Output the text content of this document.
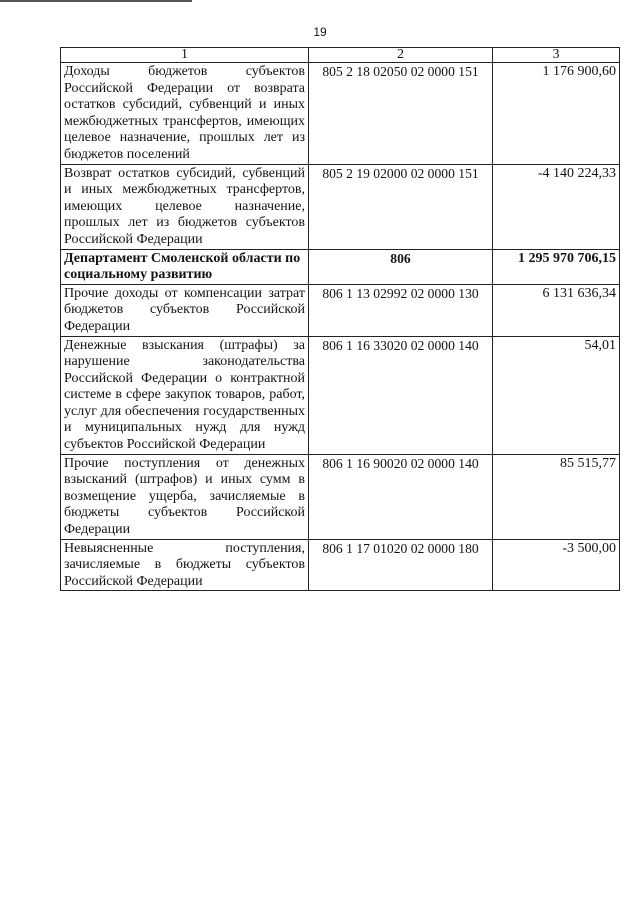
19
1	2	3
Доходы бюджетов субъектов Российской Федерации от возврата остатков субсидий, субвенций и иных межбюджетных трансфертов, имеющих целевое назначение, прошлых лет из бюджетов поселений	805 2 18 02050 02 0000 151	1 176 900,60
Возврат остатков субсидий, субвенций и иных межбюджетных трансфертов, имеющих целевое назначение, прошлых лет из бюджетов субъектов Российской Федерации	805 2 19 02000 02 0000 151	-4 140 224,33
Департамент Смоленской области по социальному развитию	806	1 295 970 706,15
Прочие доходы от компенсации затрат бюджетов субъектов Российской Федерации	806 1 13 02992 02 0000 130	6 131 636,34
Денежные взыскания (штрафы) за нарушение законодательства Российской Федерации о контрактной системе в сфере закупок товаров, работ, услуг для обеспечения государственных и муниципальных нужд для нужд субъектов Российской Федерации	806 1 16 33020 02 0000 140	54,01
Прочие поступления от денежных взысканий (штрафов) и иных сумм в возмещение ущерба, зачисляемые в бюджеты субъектов Российской Федерации	806 1 16 90020 02 0000 140	85 515,77
Невыясненные поступления, зачисляемые в бюджеты субъектов Российской Федерации	806 1 17 01020 02 0000 180	-3 500,00
